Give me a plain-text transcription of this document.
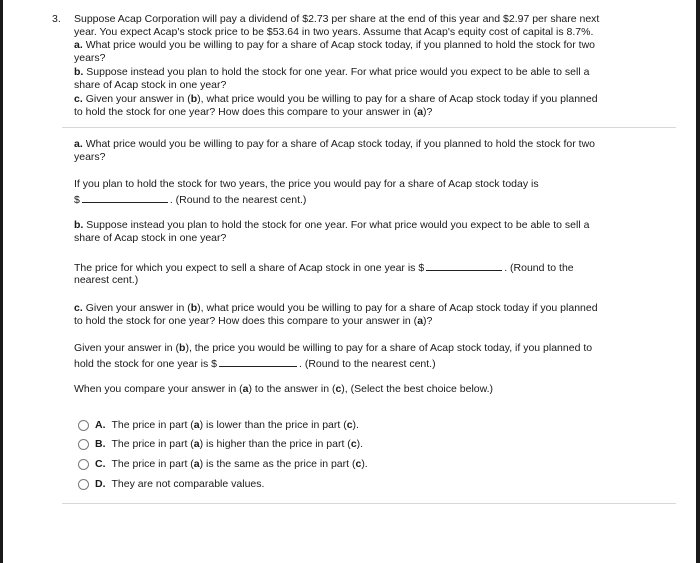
3. Suppose Acap Corporation will pay a dividend of $2.73 per share at the end of this year and $2.97 per share next

year. You expect Acap's stock price to be $53.64 in two years. Assume that Acap's equity cost of capital is 8.7%.

a. What price would you be willing to pay for a share of Acap stock today, if you planned to hold the stock for two

years?

b. Suppose instead you plan to hold the stock for one year. For what price would you expect to be able to sell a

share of Acap stock in one year?

c. Given your answer in (b), what price would you be willing to pay for a share of Acap stock today if you planned

to hold the stock for one year? How does this compare to your answer in (a)?

a. What price would you be willing to pay for a share of Acap stock today, if you planned to hold the stock for two

years?

If you plan to hold the stock for two years, the price you would pay for a share of Acap stock today is

$	. (Round to the nearest cent.)

b. Suppose instead you plan to hold the stock for one year. For what price would you expect to be able to sell a

share of Acap stock in one year?

The price for which you expect to sell a share of Acap stock in one year is $	. (Round to the

nearest cent.)

c. Given your answer in (b), what price would you be willing to pay for a share of Acap stock today if you planned

to hold the stock for one year? How does this compare to your answer in (a)?

Given your answer in (b), the price you would be willing to pay for a share of Acap stock today, if you planned to

hold the stock for one year is $	. (Round to the nearest cent.)

When you compare your answer in (a) to the answer in (c), (Select the best choice below.)

A. The price in part (a) is lower than the price in part (c).
B. The price in part (a) is higher than the price in part (c).
C. The price in part (a) is the same as the price in part (c).
D. They are not comparable values.
